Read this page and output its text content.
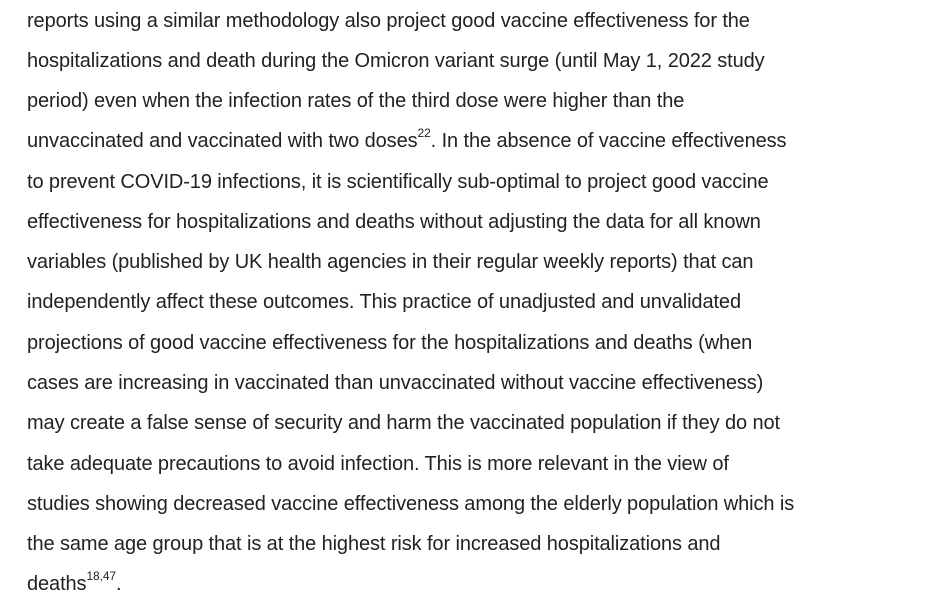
reports using a similar methodology also project good vaccine effectiveness for the
hospitalizations and death during the Omicron variant surge (until May 1, 2022 study
period) even when the infection rates of the third dose were higher than the
unvaccinated and vaccinated with two doses$^{22}$. In the absence of vaccine effectiveness
to prevent COVID-19 infections, it is scientifically sub-optimal to project good vaccine
effectiveness for hospitalizations and deaths without adjusting the data for all known
variables (published by UK health agencies in their regular weekly reports) that can
independently affect these outcomes. This practice of unadjusted and unvalidated
projections of good vaccine effectiveness for the hospitalizations and deaths (when
cases are increasing in vaccinated than unvaccinated without vaccine effectiveness)
may create a false sense of security and harm the vaccinated population if they do not
take adequate precautions to avoid infection. This is more relevant in the view of
studies showing decreased vaccine effectiveness among the elderly population which is
the same age group that is at the highest risk for increased hospitalizations and
deaths$^{18,47}$.
